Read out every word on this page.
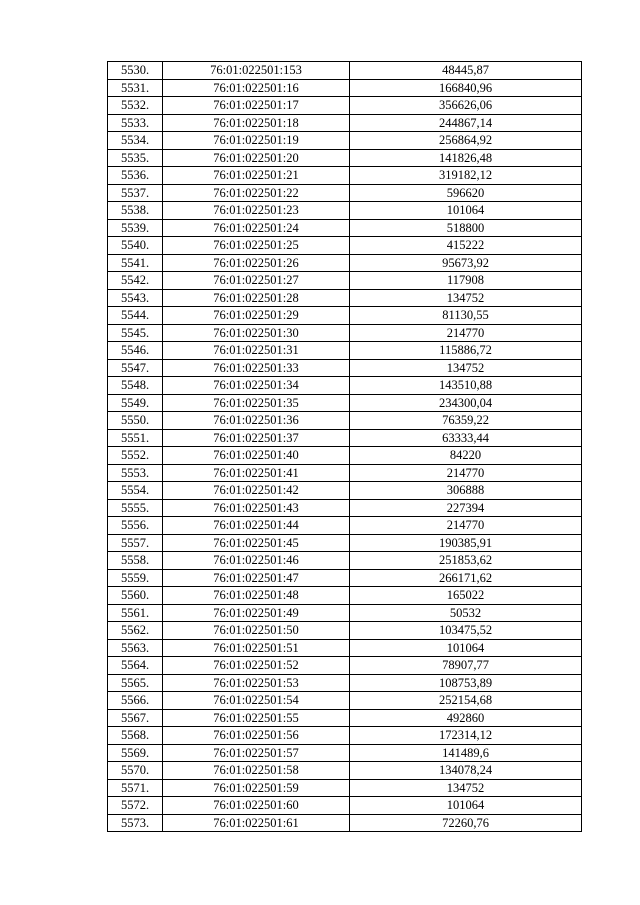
5530.	76:01:022501:153	48445,87
5531.	76:01:022501:16	166840,96
5532.	76:01:022501:17	356626,06
5533.	76:01:022501:18	244867,14
5534.	76:01:022501:19	256864,92
5535.	76:01:022501:20	141826,48
5536.	76:01:022501:21	319182,12
5537.	76:01:022501:22	596620
5538.	76:01:022501:23	101064
5539.	76:01:022501:24	518800
5540.	76:01:022501:25	415222
5541.	76:01:022501:26	95673,92
5542.	76:01:022501:27	117908
5543.	76:01:022501:28	134752
5544.	76:01:022501:29	81130,55
5545.	76:01:022501:30	214770
5546.	76:01:022501:31	115886,72
5547.	76:01:022501:33	134752
5548.	76:01:022501:34	143510,88
5549.	76:01:022501:35	234300,04
5550.	76:01:022501:36	76359,22
5551.	76:01:022501:37	63333,44
5552.	76:01:022501:40	84220
5553.	76:01:022501:41	214770
5554.	76:01:022501:42	306888
5555.	76:01:022501:43	227394
5556.	76:01:022501:44	214770
5557.	76:01:022501:45	190385,91
5558.	76:01:022501:46	251853,62
5559.	76:01:022501:47	266171,62
5560.	76:01:022501:48	165022
5561.	76:01:022501:49	50532
5562.	76:01:022501:50	103475,52
5563.	76:01:022501:51	101064
5564.	76:01:022501:52	78907,77
5565.	76:01:022501:53	108753,89
5566.	76:01:022501:54	252154,68
5567.	76:01:022501:55	492860
5568.	76:01:022501:56	172314,12
5569.	76:01:022501:57	141489,6
5570.	76:01:022501:58	134078,24
5571.	76:01:022501:59	134752
5572.	76:01:022501:60	101064
5573.	76:01:022501:61	72260,76
